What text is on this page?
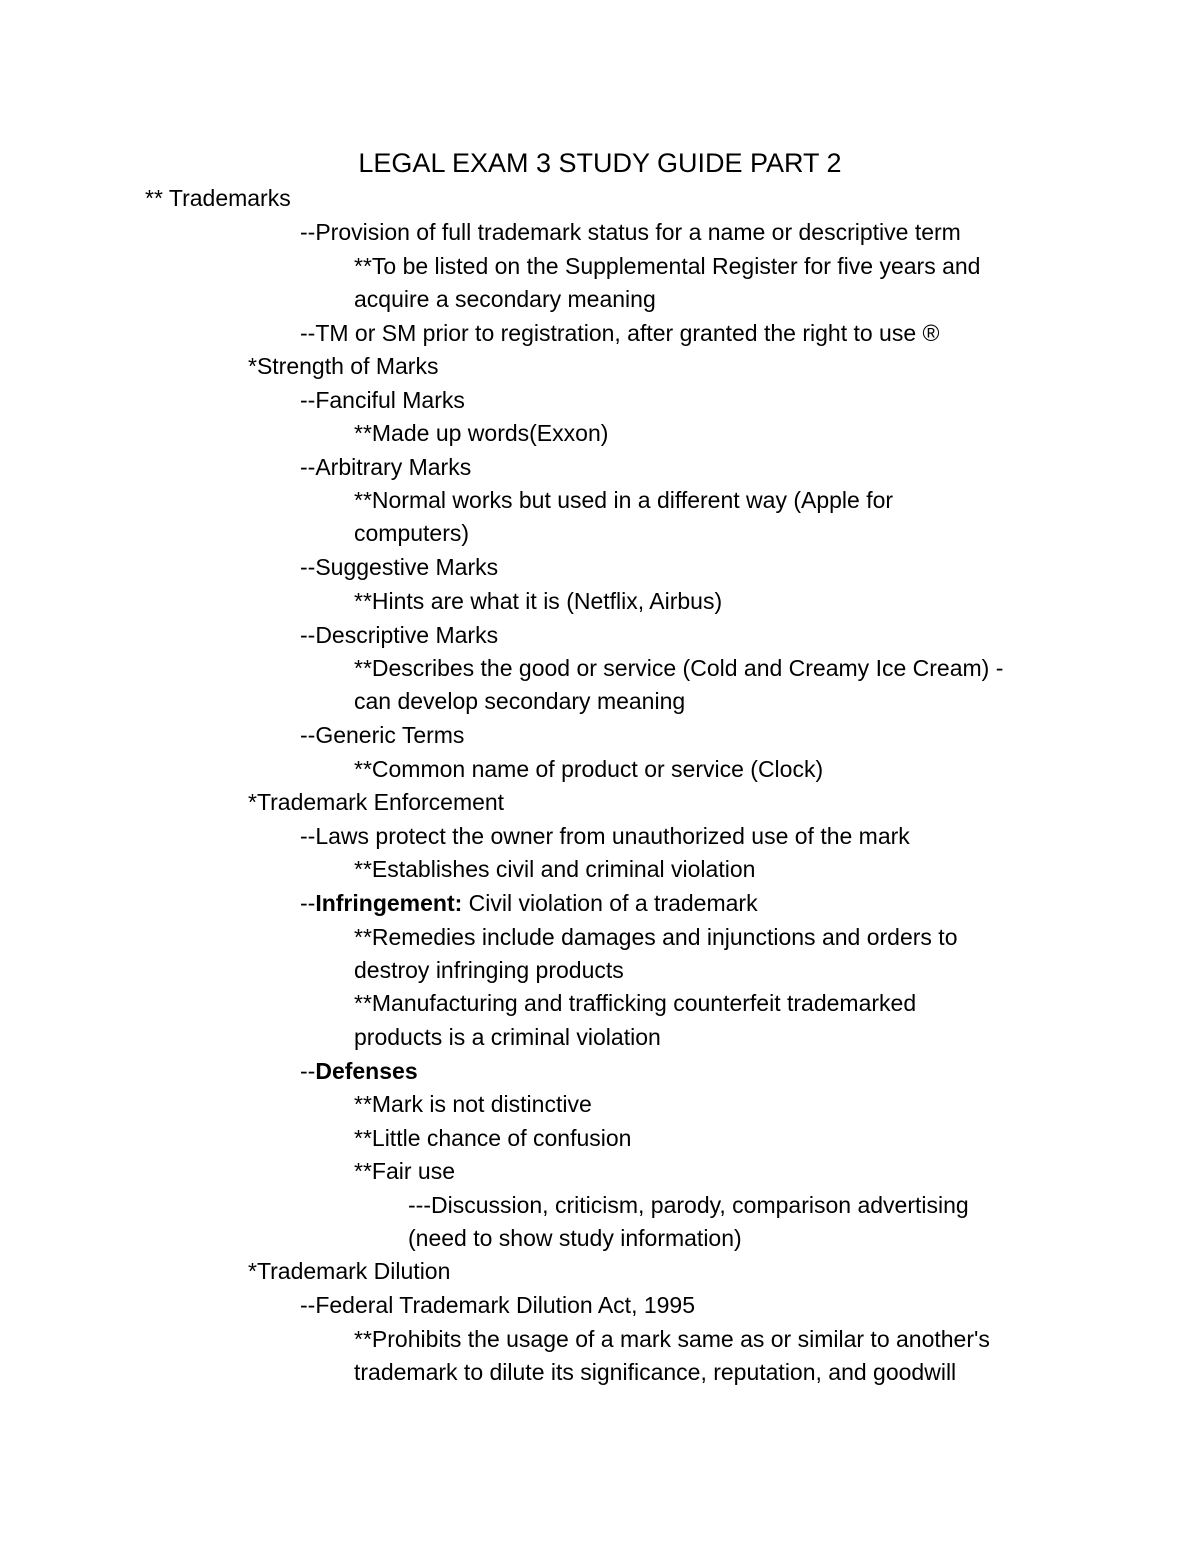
LEGAL EXAM 3 STUDY GUIDE PART 2
** Trademarks
--Provision of full trademark status for a name or descriptive term
**To be listed on the Supplemental Register for five years and
acquire a secondary meaning
--TM or SM prior to registration, after granted the right to use ®
*Strength of Marks
--Fanciful Marks
**Made up words(Exxon)
--Arbitrary Marks
**Normal works but used in a different way (Apple for
computers)
--Suggestive Marks
**Hints are what it is (Netflix, Airbus)
--Descriptive Marks
**Describes the good or service (Cold and Creamy Ice Cream) -
can develop secondary meaning
--Generic Terms
**Common name of product or service (Clock)
*Trademark Enforcement
--Laws protect the owner from unauthorized use of the mark
**Establishes civil and criminal violation
--Infringement: Civil violation of a trademark
**Remedies include damages and injunctions and orders to
destroy infringing products
**Manufacturing and trafficking counterfeit trademarked
products is a criminal violation
--Defenses
**Mark is not distinctive
**Little chance of confusion
**Fair use
---Discussion, criticism, parody, comparison advertising
(need to show study information)
*Trademark Dilution
--Federal Trademark Dilution Act, 1995
**Prohibits the usage of a mark same as or similar to another's
trademark to dilute its significance, reputation, and goodwill
